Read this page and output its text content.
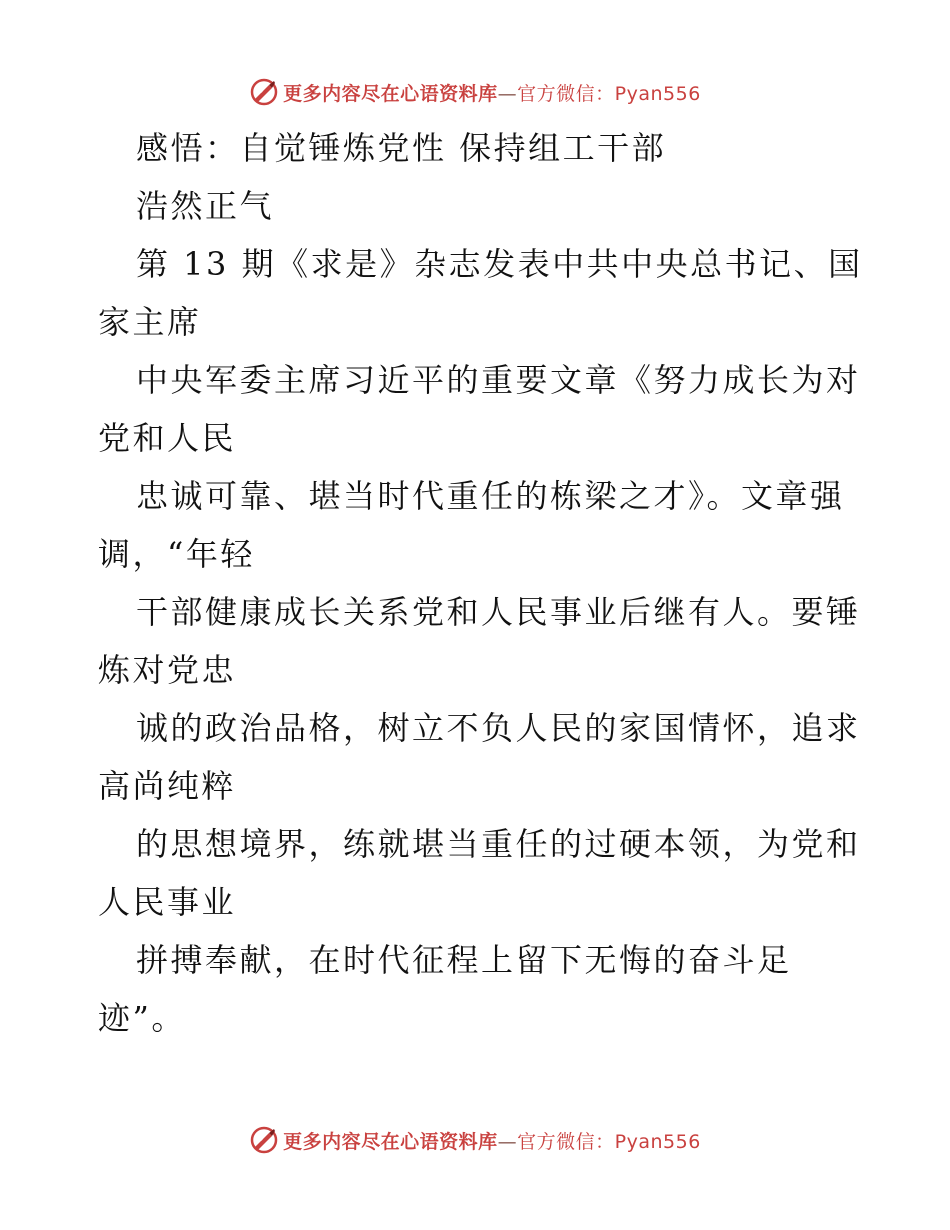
更多内容尽在心语资料库—官方微信：Pyan556
感悟：自觉锤炼党性 保持组工干部
浩然正气
第 13 期《求是》杂志发表中共中央总书记、国
家主席
中央军委主席习近平的重要文章《努力成长为对
党和人民
忠诚可靠、堪当时代重任的栋梁之才》。文章强
调，“年轻
干部健康成长关系党和人民事业后继有人。要锤
炼对党忠
诚的政治品格，树立不负人民的家国情怀，追求
高尚纯粹
的思想境界，练就堪当重任的过硬本领，为党和
人民事业
拼搏奉献，在时代征程上留下无悔的奋斗足
迹”。
更多内容尽在心语资料库—官方微信：Pyan556
